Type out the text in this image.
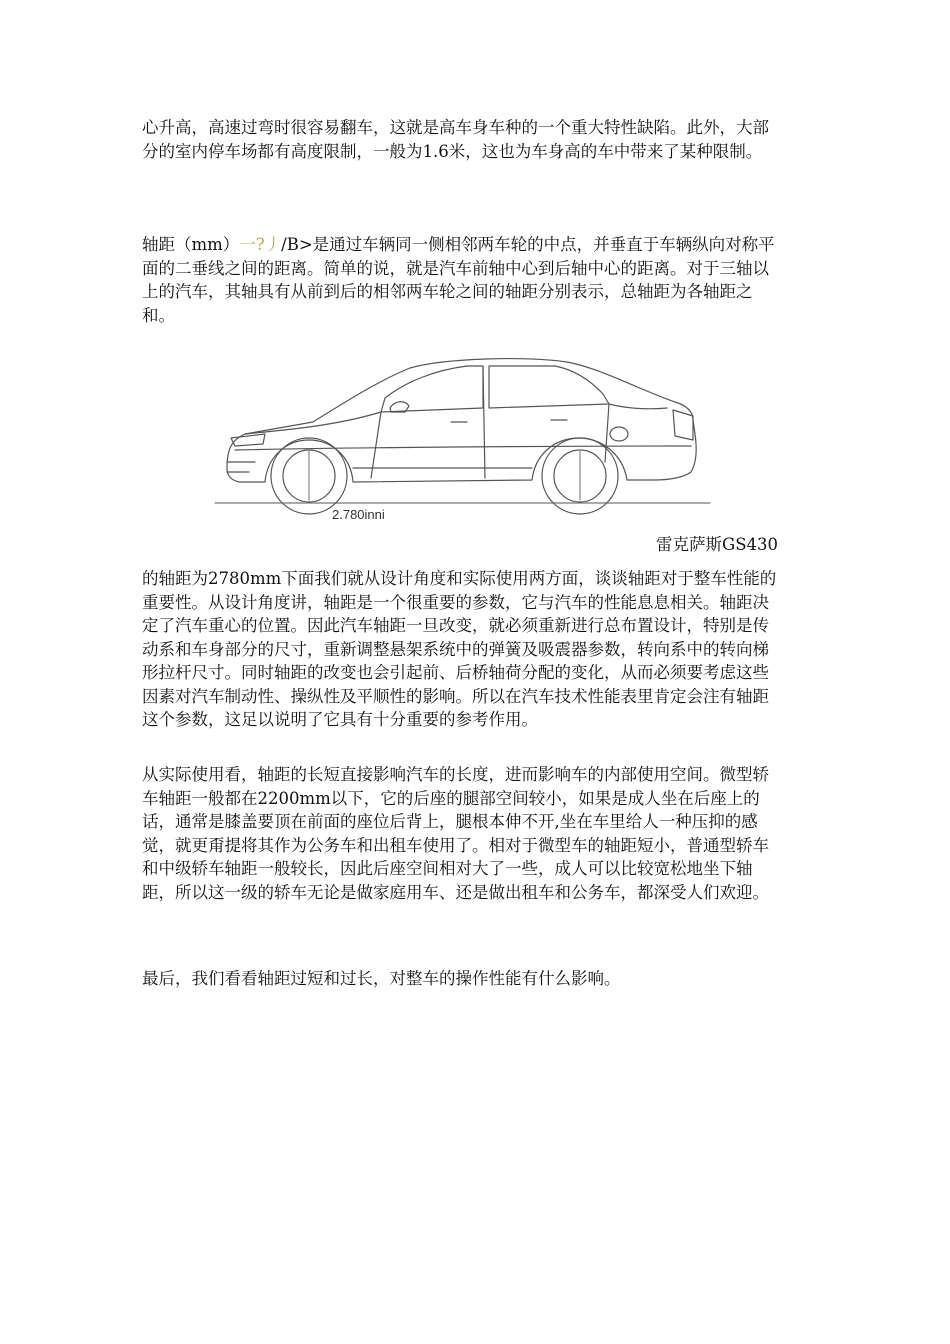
心升高，高速过弯时很容易翻车，这就是高车身车种的一个重大特性缺陷。此外，大部分的室内停车场都有高度限制，一般为1.6米，这也为车身高的车中带来了某种限制。

轴距（mm）一?丿/B>是通过车辆同一侧相邻两车轮的中点，并垂直于车辆纵向对称平面的二垂线之间的距离。简单的说，就是汽车前轴中心到后轴中心的距离。对于三轴以上的汽车，其轴具有从前到后的相邻两车轮之间的轴距分别表示，总轴距为各轴距之和。

2.780inni
雷克萨斯GS430

的轴距为2780mm下面我们就从设计角度和实际使用两方面，谈谈轴距对于整车性能的重要性。从设计角度讲，轴距是一个很重要的参数，它与汽车的性能息息相关。轴距决定了汽车重心的位置。因此汽车轴距一旦改变，就必须重新进行总布置设计，特别是传动系和车身部分的尺寸，重新调整悬架系统中的弹簧及吸震器参数，转向系中的转向梯形拉杆尺寸。同时轴距的改变也会引起前、后桥轴荷分配的变化，从而必须要考虑这些因素对汽车制动性、操纵性及平顺性的影响。所以在汽车技术性能表里肯定会注有轴距这个参数，这足以说明了它具有十分重要的参考作用。

从实际使用看，轴距的长短直接影响汽车的长度，进而影响车的内部使用空间。微型轿车轴距一般都在2200mm以下，它的后座的腿部空间较小，如果是成人坐在后座上的话，通常是膝盖要顶在前面的座位后背上，腿根本伸不开,坐在车里给人一种压抑的感觉，就更甭提将其作为公务车和出租车使用了。相对于微型车的轴距短小，普通型轿车和中级轿车轴距一般较长，因此后座空间相对大了一些，成人可以比较宽松地坐下轴距，所以这一级的轿车无论是做家庭用车、还是做出租车和公务车，都深受人们欢迎。

最后，我们看看轴距过短和过长，对整车的操作性能有什么影响。
